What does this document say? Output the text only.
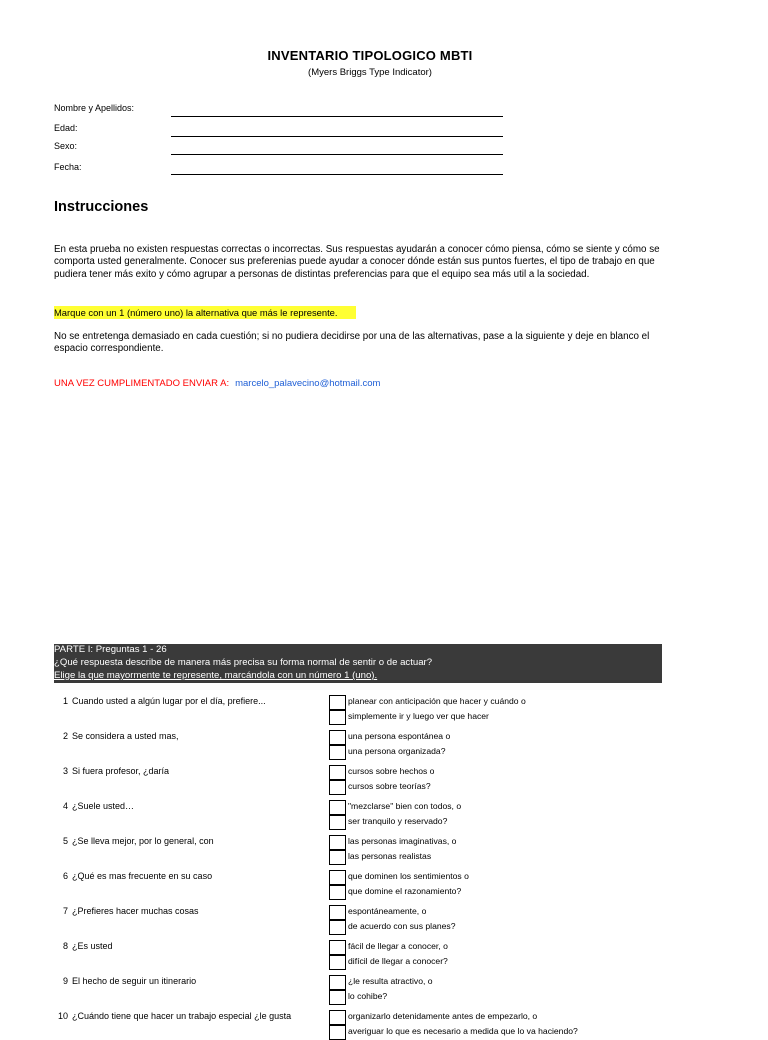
INVENTARIO TIPOLOGICO MBTI
(Myers Briggs Type Indicator)
Nombre y Apellidos:
Edad:
Sexo:
Fecha:
Instrucciones
En esta prueba no existen respuestas correctas o incorrectas. Sus respuestas ayudarán a conocer cómo piensa, cómo se siente y cómo se comporta usted generalmente. Conocer sus preferenias puede ayudar a conocer dónde están sus puntos fuertes, el tipo de trabajo en que pudiera tener más exito y cómo agrupar a personas de distintas preferencias para que el equipo sea más util a la sociedad.
Marque con un 1 (número uno) la alternativa que más le represente.
No se entretenga demasiado en cada cuestión; si no pudiera decidirse por una de las alternativas, pase a la siguiente y deje en blanco el espacio correspondiente.
UNA VEZ CUMPLIMENTADO ENVIAR A: marcelo_palavecino@hotmail.com
PARTE I: Preguntas 1 - 26
¿Qué respuesta describe de manera más precisa su forma normal de sentir o de actuar?
Elige la que mayormente te represente, marcándola con un número 1 (uno).
1 Cuando usted a algún lugar por el día, prefiere...	planear con anticipación que hacer y cuándo o
simplemente ir y luego ver que hacer
2 Se considera a usted mas,	una persona espontánea o
una persona organizada?
3 Si fuera profesor, ¿daría	cursos sobre hechos o
cursos sobre teorías?
4 ¿Suele usted…	"mezclarse" bien con todos, o
ser tranquilo y reservado?
5 ¿Se lleva mejor, por lo general, con	las personas imaginativas, o
las personas realistas
6 ¿Qué es mas frecuente en su caso	que dominen los sentimientos o
que domine el razonamiento?
7 ¿Prefieres hacer muchas cosas	espontáneamente, o
de acuerdo con sus planes?
8 ¿Es usted	fácil de llegar a conocer, o
difícil de llegar a conocer?
9 El hecho de seguir un itinerario	¿le resulta atractivo, o
lo cohibe?
10 ¿Cuándo tiene que hacer un trabajo especial ¿le gusta	organizarlo detenidamente antes de empezarlo, o
averiguar lo que es necesario a medida que lo va haciendo?
